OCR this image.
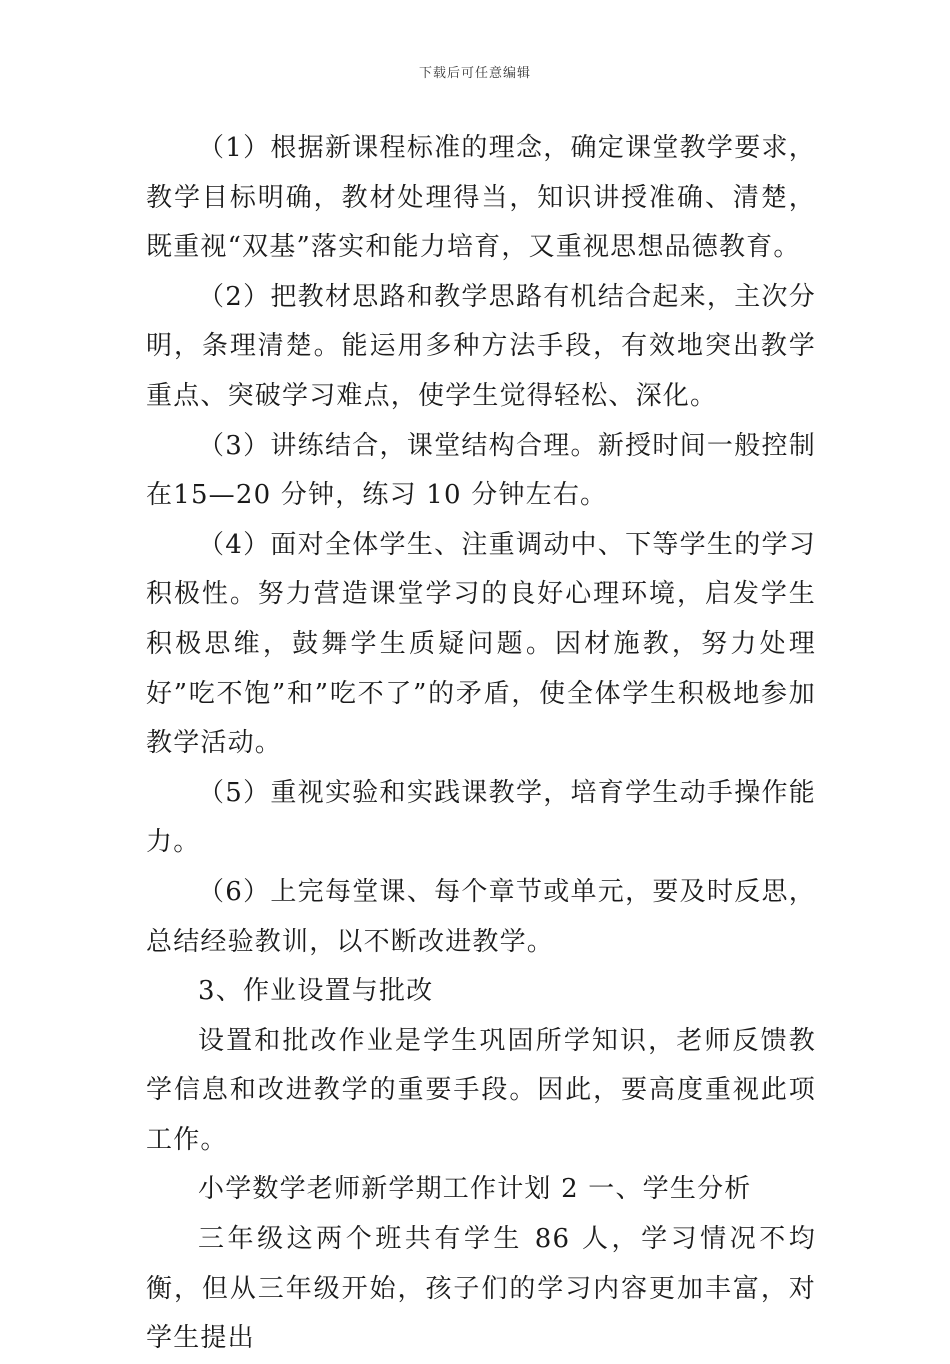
下载后可任意编辑

（1）根据新课程标准的理念，确定课堂教学要求，教学目标明确，教材处理得当，知识讲授准确、清楚，既重视“双基”落实和能力培育，又重视思想品德教育。

（2）把教材思路和教学思路有机结合起来，主次分明，条理清楚。能运用多种方法手段，有效地突出教学重点、突破学习难点，使学生觉得轻松、深化。

（3）讲练结合，课堂结构合理。新授时间一般控制在15—20 分钟，练习 10 分钟左右。

（4）面对全体学生、注重调动中、下等学生的学习积极性。努力营造课堂学习的良好心理环境，启发学生积极思维，鼓舞学生质疑问题。因材施教，努力处理好”吃不饱”和”吃不了”的矛盾，使全体学生积极地参加教学活动。

（5）重视实验和实践课教学，培育学生动手操作能力。

（6）上完每堂课、每个章节或单元，要及时反思，总结经验教训，以不断改进教学。

3、作业设置与批改

设置和批改作业是学生巩固所学知识，老师反馈教学信息和改进教学的重要手段。因此，要高度重视此项工作。

小学数学老师新学期工作计划 2 一、学生分析

三年级这两个班共有学生 86 人，学习情况不均衡，但从三年级开始，孩子们的学习内容更加丰富，对学生提出
